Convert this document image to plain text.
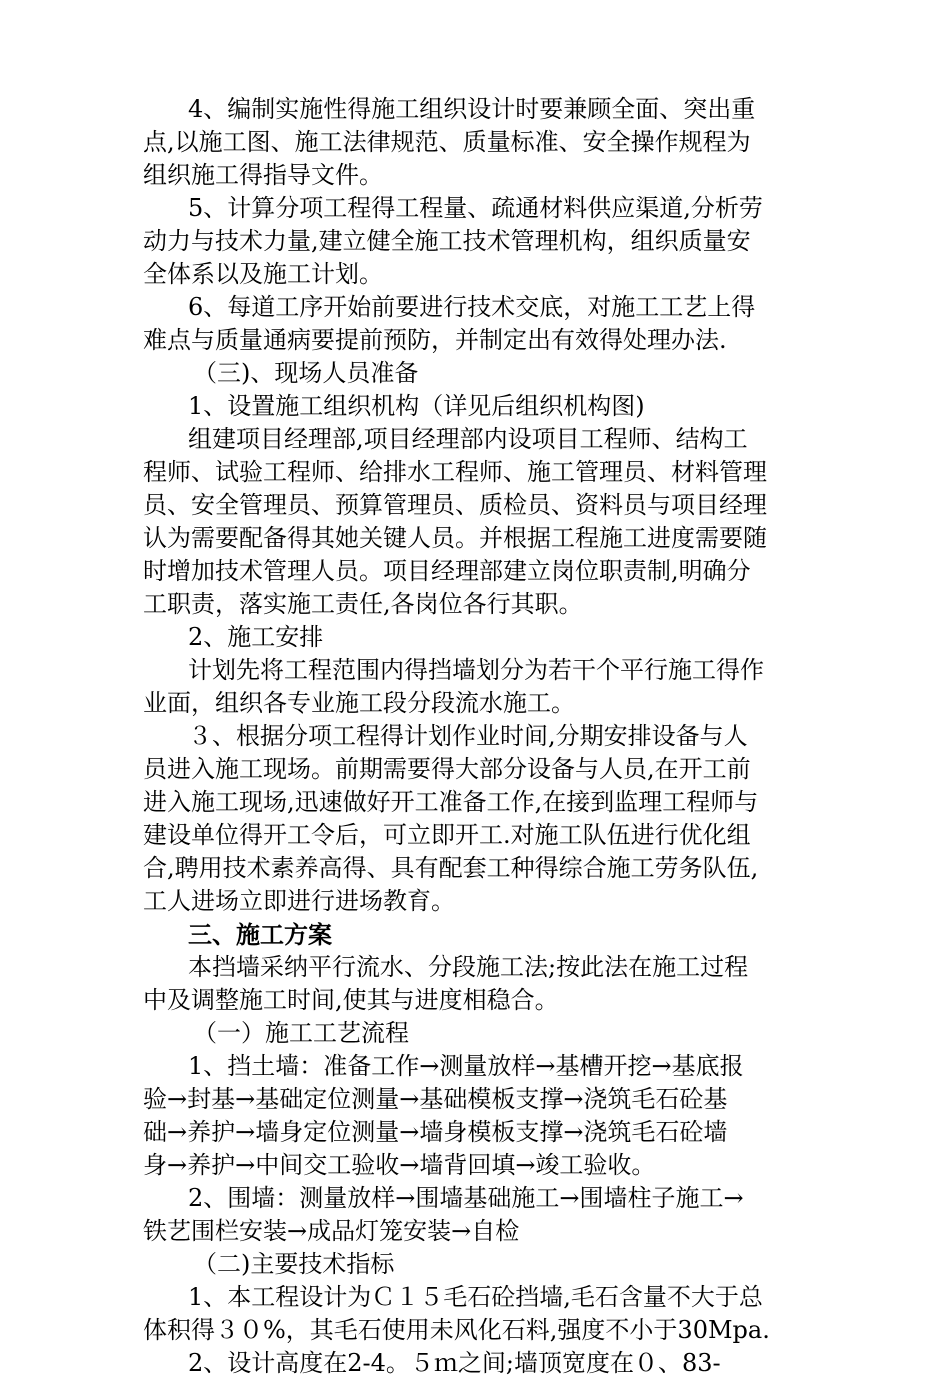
4、编制实施性得施工组织设计时要兼顾全面、突出重
点,以施工图、施工法律规范、质量标准、安全操作规程为
组织施工得指导文件。
5、计算分项工程得工程量、疏通材料供应渠道,分析劳
动力与技术力量,建立健全施工技术管理机构，组织质量安
全体系以及施工计划。
6、每道工序开始前要进行技术交底，对施工工艺上得
难点与质量通病要提前预防，并制定出有效得处理办法.
（三)、现场人员准备
1、设置施工组织机构（详见后组织机构图)
组建项目经理部,项目经理部内设项目工程师、结构工
程师、试验工程师、给排水工程师、施工管理员、材料管理
员、安全管理员、预算管理员、质检员、资料员与项目经理
认为需要配备得其她关键人员。并根据工程施工进度需要随
时增加技术管理人员。项目经理部建立岗位职责制,明确分
工职责，落实施工责任,各岗位各行其职。
2、施工安排
计划先将工程范围内得挡墙划分为若干个平行施工得作
业面，组织各专业施工段分段流水施工。
３、根据分项工程得计划作业时间,分期安排设备与人
员进入施工现场。前期需要得大部分设备与人员,在开工前
进入施工现场,迅速做好开工准备工作,在接到监理工程师与
建设单位得开工令后，可立即开工.对施工队伍进行优化组
合,聘用技术素养高得、具有配套工种得综合施工劳务队伍,
工人进场立即进行进场教育。
三、施工方案
本挡墙采纳平行流水、分段施工法;按此法在施工过程
中及调整施工时间,使其与进度相稳合。
（一）施工工艺流程
1、挡土墙：准备工作→测量放样→基槽开挖→基底报
验→封基→基础定位测量→基础模板支撑→浇筑毛石砼基
础→养护→墙身定位测量→墙身模板支撑→浇筑毛石砼墙
身→养护→中间交工验收→墙背回填→竣工验收。
2、围墙：测量放样→围墙基础施工→围墙柱子施工→
铁艺围栏安装→成品灯笼安装→自检
（二)主要技术指标
1、本工程设计为Ｃ１５毛石砼挡墙,毛石含量不大于总
体积得３０%，其毛石使用未风化石料,强度不小于30Mpa.
2、设计高度在2-4。５ｍ之间;墙顶宽度在０、83-
